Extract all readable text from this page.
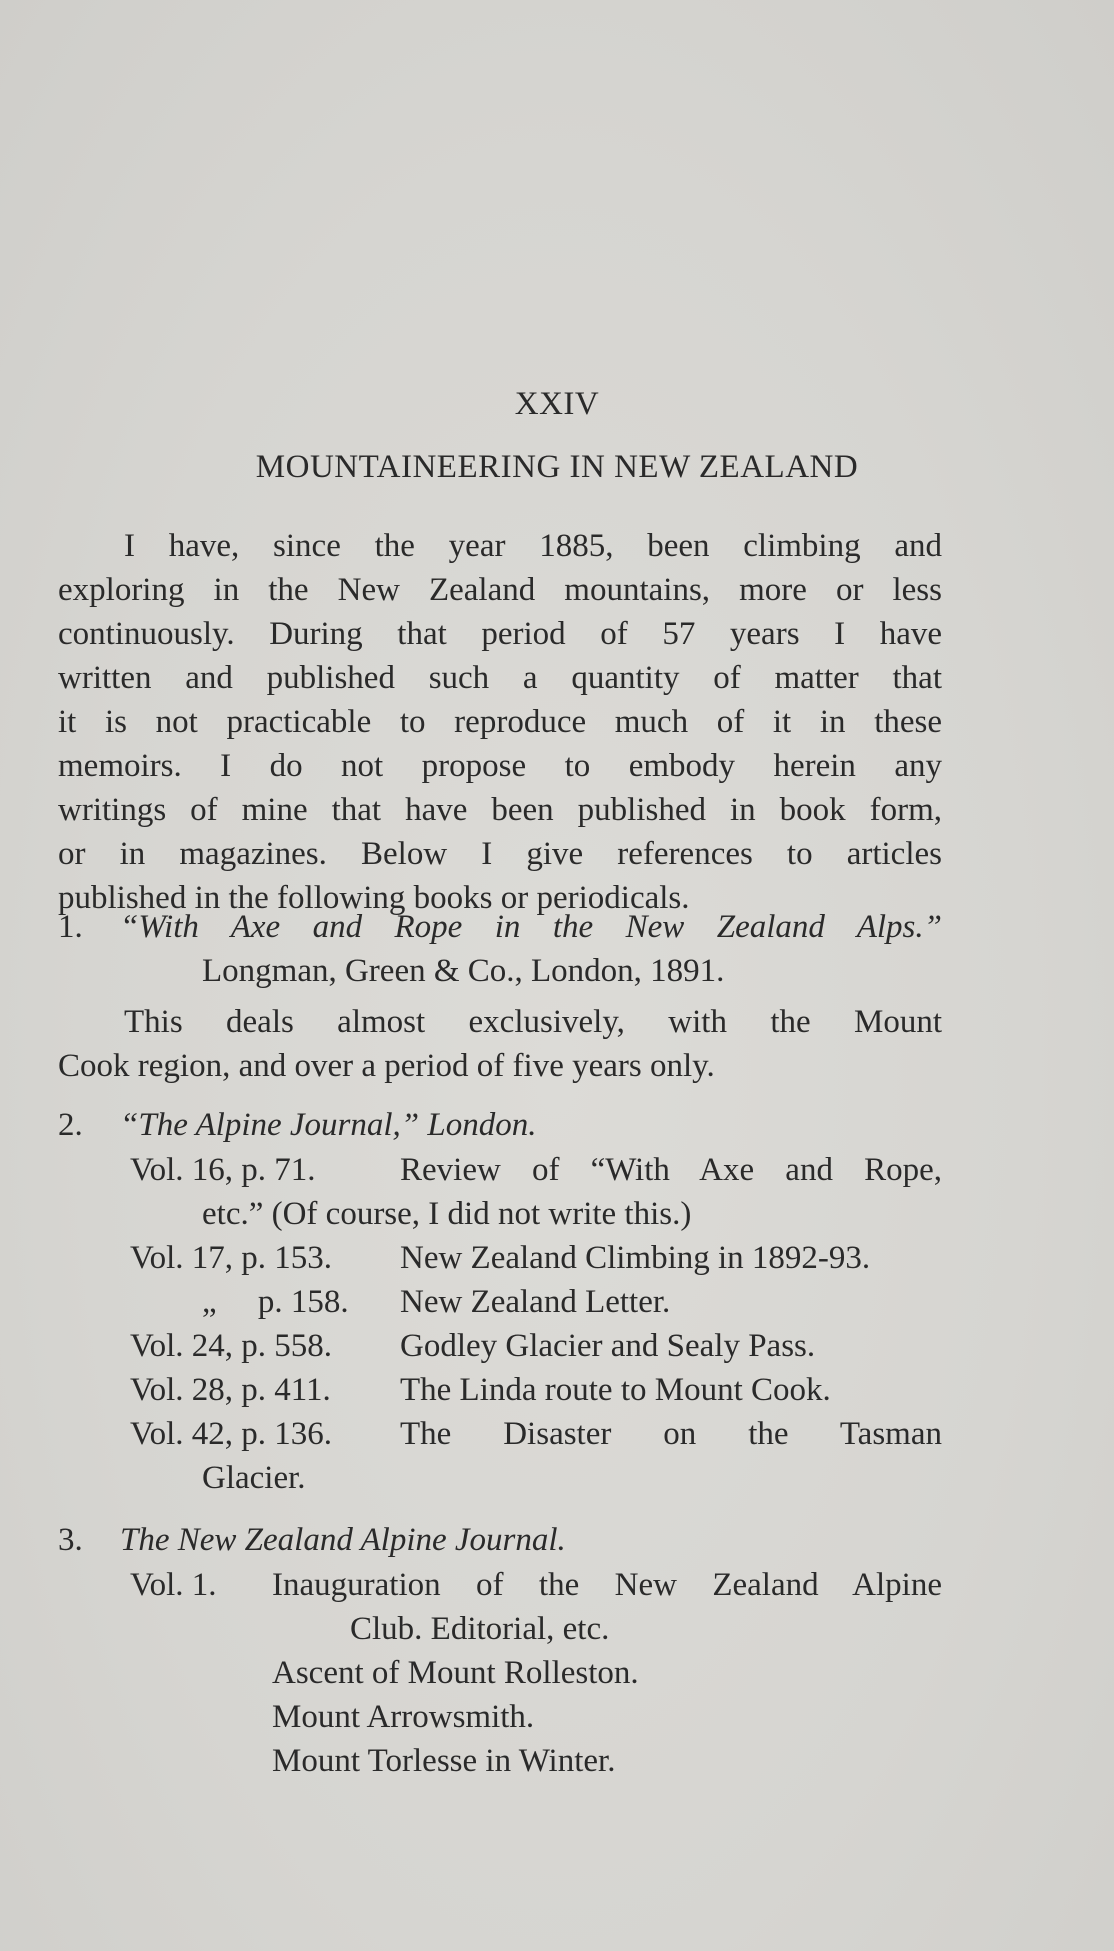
XXIV
MOUNTAINEERING IN NEW ZEALAND
I have, since the year 1885, been climbing and
exploring in the New Zealand mountains, more or less
continuously. During that period of 57 years I have
written and published such a quantity of matter that
it is not practicable to reproduce much of it in these
memoirs. I do not propose to embody herein any
writings of mine that have been published in book form,
or in magazines. Below I give references to articles
published in the following books or periodicals.
1. “With Axe and Rope in the New Zealand Alps.”
Longman, Green & Co., London, 1891.
This deals almost exclusively, with the Mount
Cook region, and over a period of five years only.
2. “The Alpine Journal,” London.
Vol. 16, p. 71.	Review of “With Axe and Rope,
etc.” (Of course, I did not write this.)
Vol. 17, p. 153. New Zealand Climbing in 1892-93.
„     p. 158. New Zealand Letter.
Vol. 24, p. 558. Godley Glacier and Sealy Pass.
Vol. 28, p. 411. The Linda route to Mount Cook.
Vol. 42, p. 136. The Disaster on the Tasman
Glacier.
3. The New Zealand Alpine Journal.
Vol. 1. Inauguration of the New Zealand Alpine
Club. Editorial, etc.
Ascent of Mount Rolleston.
Mount Arrowsmith.
Mount Torlesse in Winter.
